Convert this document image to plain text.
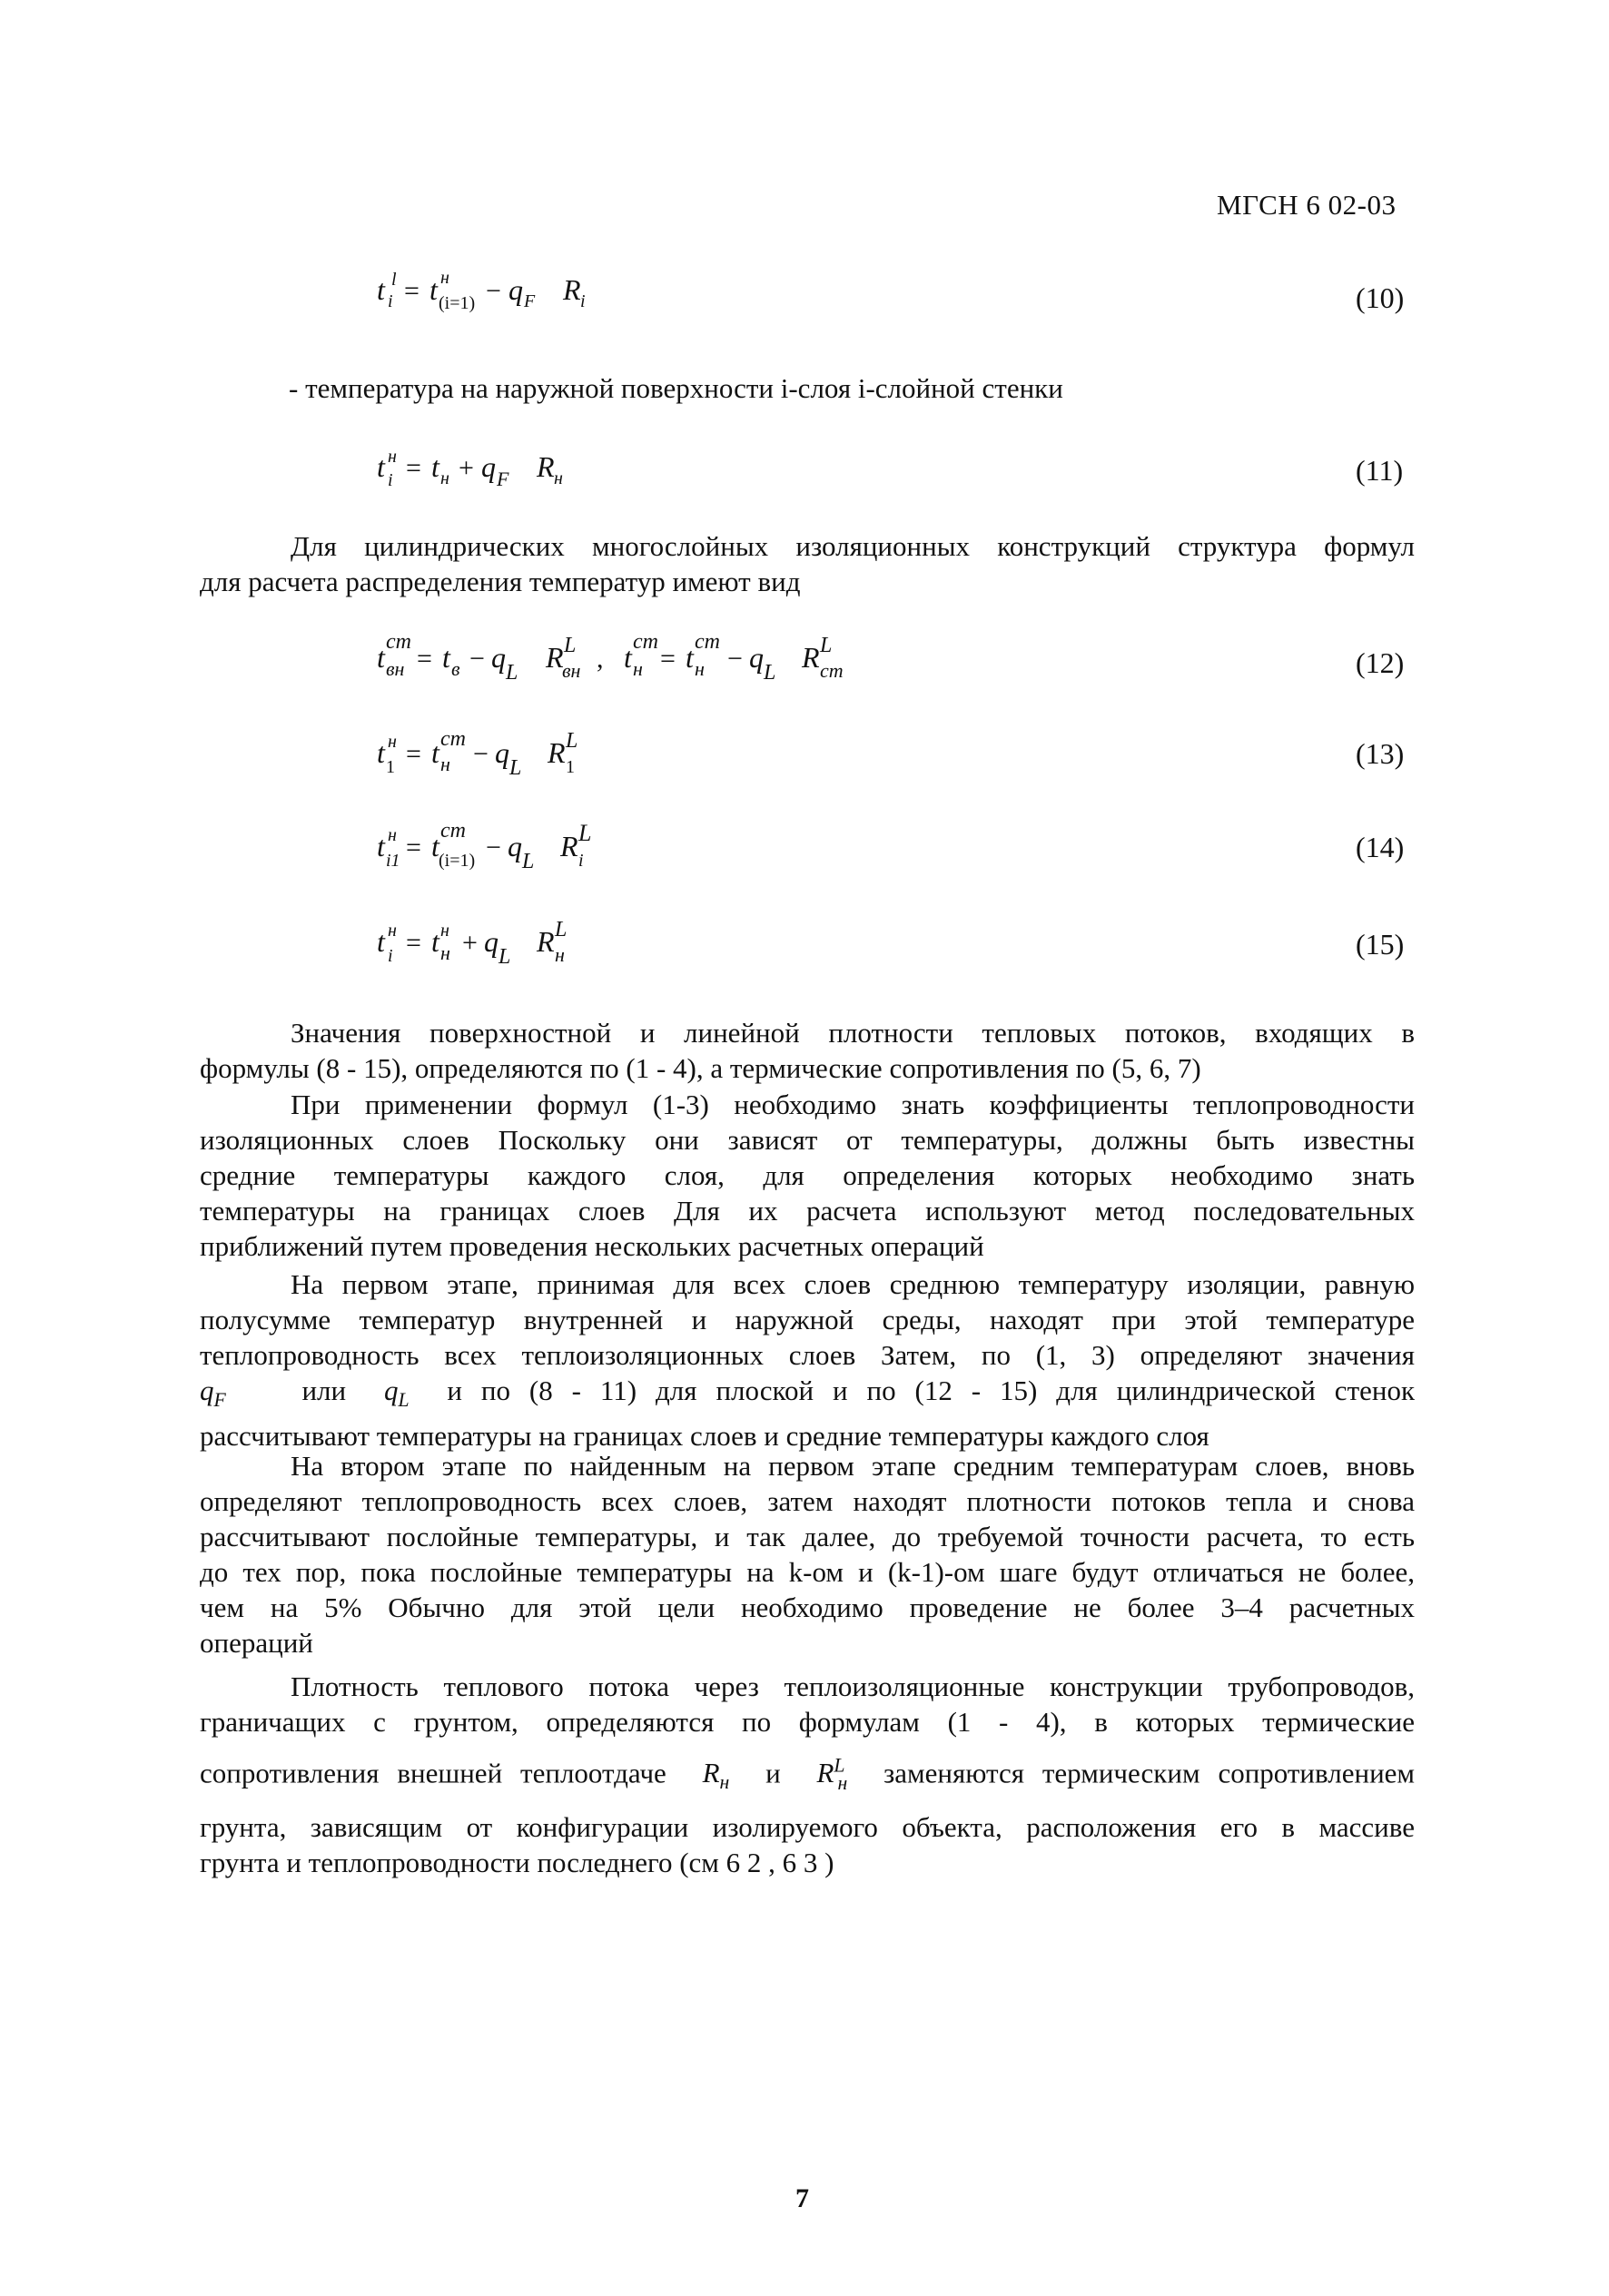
МГСН 6 02-03
t i
l = t н
(i=1) − q F R i	(10)
- температура на наружной поверхности i-слоя i-слойной стенки
t н
i = t н + q F R н	(11)
Для цилиндрических многослойных изоляционных конструкций структура формул
для расчета распределения температур имеют вид
t ст
вн = t в − q L R L
вн , t ст
н = t ст
н − q L R L
ст	(12)
t н
1 = t ст
н − q L R L
1	(13)
t н
i1 = t ст
(i=1) − q L R L
i	(14)
t н
i = t н
н + q L R L
н	(15)
Значения поверхностной и линейной плотности тепловых потоков, входящих в
формулы (8 - 15), определяются по (1 - 4), а термические сопротивления по (5, 6, 7)
При применении формул (1-3) необходимо знать коэффициенты теплопроводности
изоляционных слоев Поскольку они зависят от температуры, должны быть известны
средние температуры каждого слоя, для определения которых необходимо знать
температуры на границах слоев Для их расчета используют метод последовательных
приближений путем проведения нескольких расчетных операций
На первом этапе, принимая для всех слоев среднюю температуру изоляции, равную
полусумме температур внутренней и наружной среды, находят при этой температуре
теплопроводность всех теплоизоляционных слоев Затем, по (1, 3) определяют значения
$q_F$	или $q_L$ и по (8 - 11) для плоской и по (12 - 15) для цилиндрической стенок
рассчитывают температуры на границах слоев и средние температуры каждого слоя
На втором этапе по найденным на первом этапе средним температурам слоев, вновь
определяют теплопроводность всех слоев, затем находят плотности потоков тепла и снова
рассчитывают послойные температуры, и так далее, до требуемой точности расчета, то есть
до тех пор, пока послойные температуры на k-ом и (k-1)-ом шаге будут отличаться не более,
чем на 5% Обычно для этой цели необходимо проведение не более 3–4 расчетных
операций
Плотность теплового потока через теплоизоляционные конструкции трубопроводов,
граничащих с грунтом, определяются по формулам (1 - 4), в которых термические
сопротивления внешней теплоотдаче $R_н$ и $R^L_н$ заменяются термическим сопротивлением
грунта, зависящим от конфигурации изолируемого объекта, расположения его в массиве
грунта и теплопроводности последнего (см 6 2 , 6 3 )
7
